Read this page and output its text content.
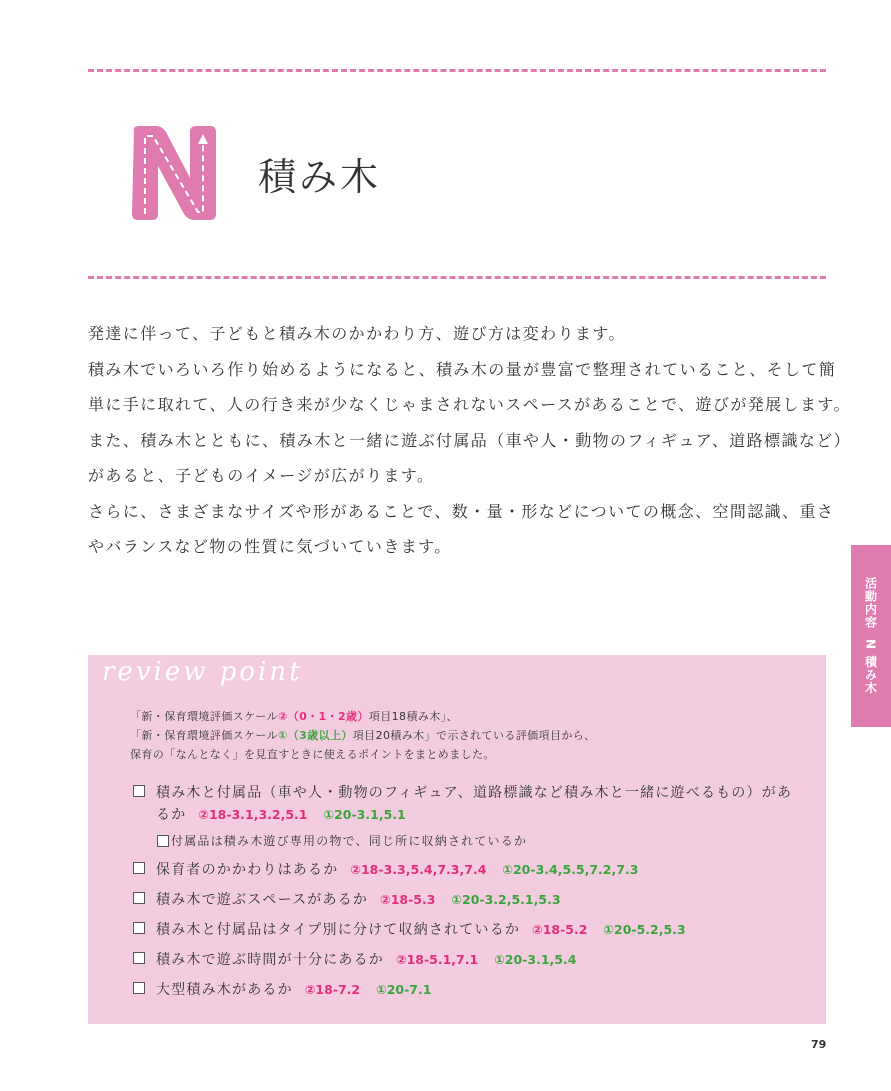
積み木

発達に伴って、子どもと積み木のかかわり方、遊び方は変わります。

積み木でいろいろ作り始めるようになると、積み木の量が豊富で整理されていること、そして簡

単に手に取れて、人の行き来が少なくじゃまされないスペースがあることで、遊びが発展します。

また、積み木とともに、積み木と一緒に遊ぶ付属品（車や人・動物のフィギュア、道路標識など）

があると、子どものイメージが広がります。

さらに、さまざまなサイズや形があることで、数・量・形などについての概念、空間認識、重さ

やバランスなど物の性質に気づいていきます。

活動内容
N 積み木
review point

「新・保育環境評価スケール②（0・1・2歳）項目18積み木」、

「新・保育環境評価スケール①（3歳以上）項目20積み木」で示されている評価項目から、

保育の「なんとなく」を見直すときに使えるポイントをまとめました。

積み木と付属品（車や人・動物のフィギュア、道路標識など積み木と一緒に遊べるもの）があ
るか ②18-3.1,3.2,5.1 ①20-3.1,5.1
付属品は積み木遊び専用の物で、同じ所に収納されているか
保育者のかかわりはあるか ②18-3.3,5.4,7.3,7.4 ①20-3.4,5.5,7.2,7.3
積み木で遊ぶスペースがあるか ②18-5.3 ①20-3.2,5.1,5.3
積み木と付属品はタイプ別に分けて収納されているか ②18-5.2 ①20-5.2,5.3
積み木で遊ぶ時間が十分にあるか ②18-5.1,7.1 ①20-3.1,5.4
大型積み木があるか ②18-7.2 ①20-7.1
79
